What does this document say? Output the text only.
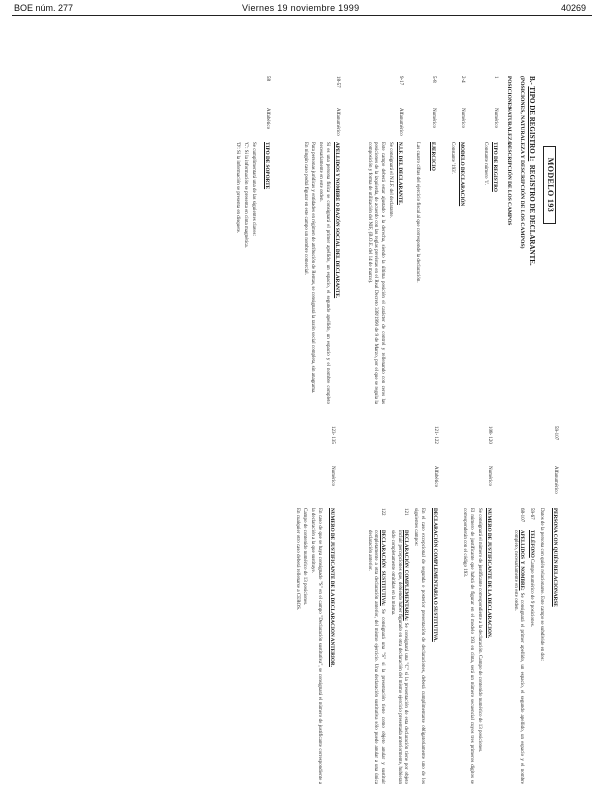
BOE núm. 277	Viernes 19 noviembre 1999	40269
MODELO 193
B.- TIPO DE REGISTRO 1:  REGISTRO DE DECLARANTE.
(POSICIONES, NATURALEZA Y DESCRIPCIÓN DE LOS CAMPOS)
POSICIONES
NATURALEZA
DESCRIPCIÓN DE LOS CAMPOS
1
Numérico
TIPO DE REGISTRO
Constante número '1'.
2-4
Numérico
MODELO DECLARACIÓN
Constante '193'.
5-8
Numérico
EJERCICIO
Las cuatro cifras del ejercicio fiscal al que corresponde la declaración.
9-17
Alfanumérico
N.I.F. DEL DECLARANTE.
Se consignará el N.I.F. del declarante.
Este campo deberá estar ajustado a la derecha, siendo la última posición el carácter de control y rellenando con ceros las posiciones de la izquierda, de acuerdo con las reglas previstas en el Real Decreto 338/1990 de 9 de Marzo, por el que se regula la composición y forma de utilización del NIF, (B.O.E. del 14 de marzo).
18-57
Alfanumérico
APELLIDOS Y NOMBRE O RAZÓN SOCIAL DEL DECLARANTE.
Si es una persona física se consignará el primer apellido, un espacio, el segundo apellido, un espacio y el nombre completo necesariamente en este orden.
Para personas jurídicas y entidades en régimen de atribución de Rentas, se consignará la razón social completa, sin anagrama.
En ningún caso podrá figurar en este campo un nombre comercial.
58
Alfabético
TIPO DE SOPORTE
Se cumplimentará una de las siguientes claves:
'C': Si la información se presenta en cinta magnética.
'D': Si la información se presenta en disquete.
59-107
Alfanumérico
PERSONA CON QUIÉN RELACIONARSE
Datos de la persona con quién relacionarse. Este campo se subdivide en dos:
59-67
TELÉFONO Campo numérico de 9 posiciones.
68-107
APELLIDOS Y NOMBRE: Se consignará el primer apellido, un espacio, el segundo apellido, un espacio y el nombre completo, necesariamente en este orden.
108- 120
Numérico
NUMERO DE JUSTIFICANTE DE LA DECLARACION.
Se consignará el número de justificante correspondiente a la declaración. Campo de contenido numérico de 13 posiciones.
El número de justificante que habrá de figurar en el modelo 193 en cinta, será un número secuencial cuyos tres primeros dígitos se corresponderán con el código 193.
121- 122
Alfabético
DECLARACIÓN COMPLEMENTARIA O SUSTITUTIVA.
En el caso excepcional de segunda o posterior presentación de declaraciones, deberá cumplimentarse obligatoriamente uno de los siguientes campos:
121
DECLARACIÓN COMPLEMENTARIA: Se consignará una "C" si la presentación de esta declaración tiene por objeto incluir percepciones que, debiendo haber figurado en otra declaración del mismo ejercicio presentada anteriormente, hubieran sido completamente omitidas en la misma.
122
DECLARACIÓN SUSTITUTIVA: Se consignará una "S" si la presentación tiene como objeto anular y sustituir completamente a otra declaración anterior, del mismo ejercicio. Una declaración sustitutiva sólo puede anular a una única declaración anterior.
123- 135
Numérico
NUMERO DE JUSTIFICANTE DE LA DECLARACION ANTERIOR.
En caso de que se haya consignado "S" en el campo "Declaración sustitutiva", se consignará el número de justificante correspondiente a la declaración a la que sustituye.
Campo de contenido numérico de 13 posiciones.
En cualquier otro caso deberá rellenarse a CEROS.
